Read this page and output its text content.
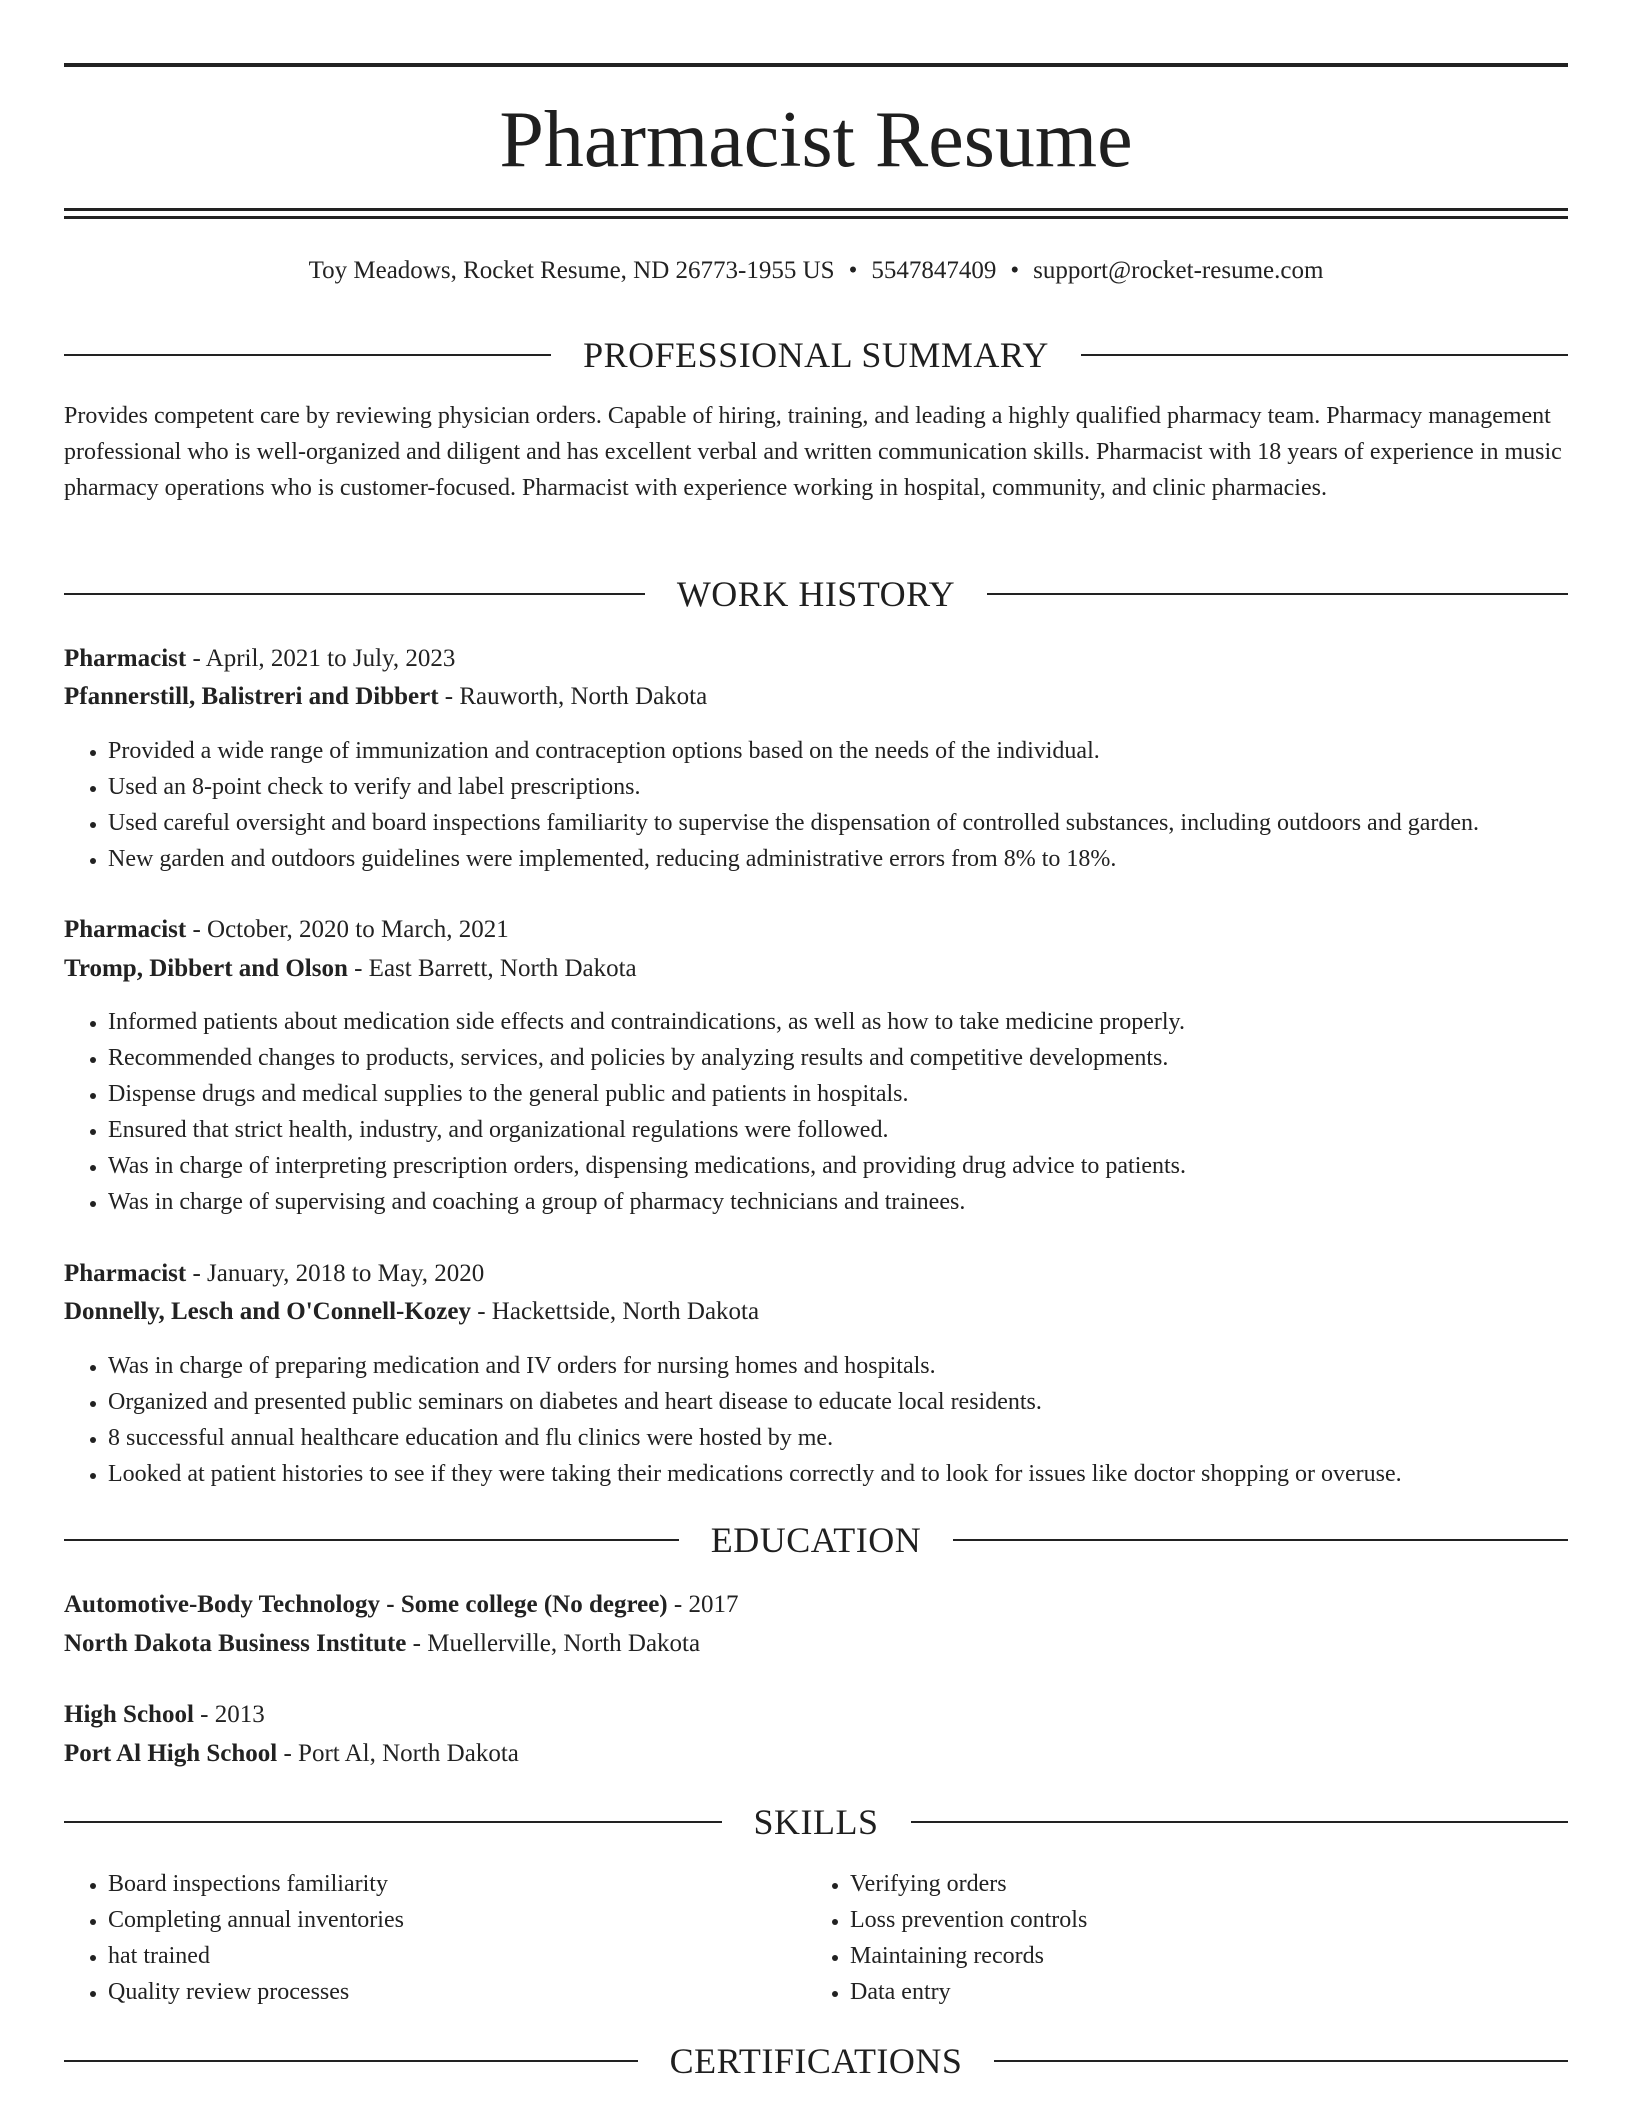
Pharmacist Resume
Toy Meadows, Rocket Resume, ND 26773-1955 US • 5547847409 • support@rocket-resume.com
PROFESSIONAL SUMMARY
Provides competent care by reviewing physician orders. Capable of hiring, training, and leading a highly qualified pharmacy team. Pharmacy management professional who is well-organized and diligent and has excellent verbal and written communication skills. Pharmacist with 18 years of experience in music pharmacy operations who is customer-focused. Pharmacist with experience working in hospital, community, and clinic pharmacies.
WORK HISTORY
Pharmacist - April, 2021 to July, 2023
Pfannerstill, Balistreri and Dibbert - Rauworth, North Dakota
• Provided a wide range of immunization and contraception options based on the needs of the individual.
• Used an 8-point check to verify and label prescriptions.
• Used careful oversight and board inspections familiarity to supervise the dispensation of controlled substances, including outdoors and garden.
• New garden and outdoors guidelines were implemented, reducing administrative errors from 8% to 18%.
Pharmacist - October, 2020 to March, 2021
Tromp, Dibbert and Olson - East Barrett, North Dakota
• Informed patients about medication side effects and contraindications, as well as how to take medicine properly.
• Recommended changes to products, services, and policies by analyzing results and competitive developments.
• Dispense drugs and medical supplies to the general public and patients in hospitals.
• Ensured that strict health, industry, and organizational regulations were followed.
• Was in charge of interpreting prescription orders, dispensing medications, and providing drug advice to patients.
• Was in charge of supervising and coaching a group of pharmacy technicians and trainees.
Pharmacist - January, 2018 to May, 2020
Donnelly, Lesch and O'Connell-Kozey - Hackettside, North Dakota
• Was in charge of preparing medication and IV orders for nursing homes and hospitals.
• Organized and presented public seminars on diabetes and heart disease to educate local residents.
• 8 successful annual healthcare education and flu clinics were hosted by me.
• Looked at patient histories to see if they were taking their medications correctly and to look for issues like doctor shopping or overuse.
EDUCATION
Automotive-Body Technology - Some college (No degree) - 2017
North Dakota Business Institute - Muellerville, North Dakota
High School - 2013
Port Al High School - Port Al, North Dakota
SKILLS
• Board inspections familiarity
• Completing annual inventories
• hat trained
• Quality review processes
• Verifying orders
• Loss prevention controls
• Maintaining records
• Data entry
CERTIFICATIONS
